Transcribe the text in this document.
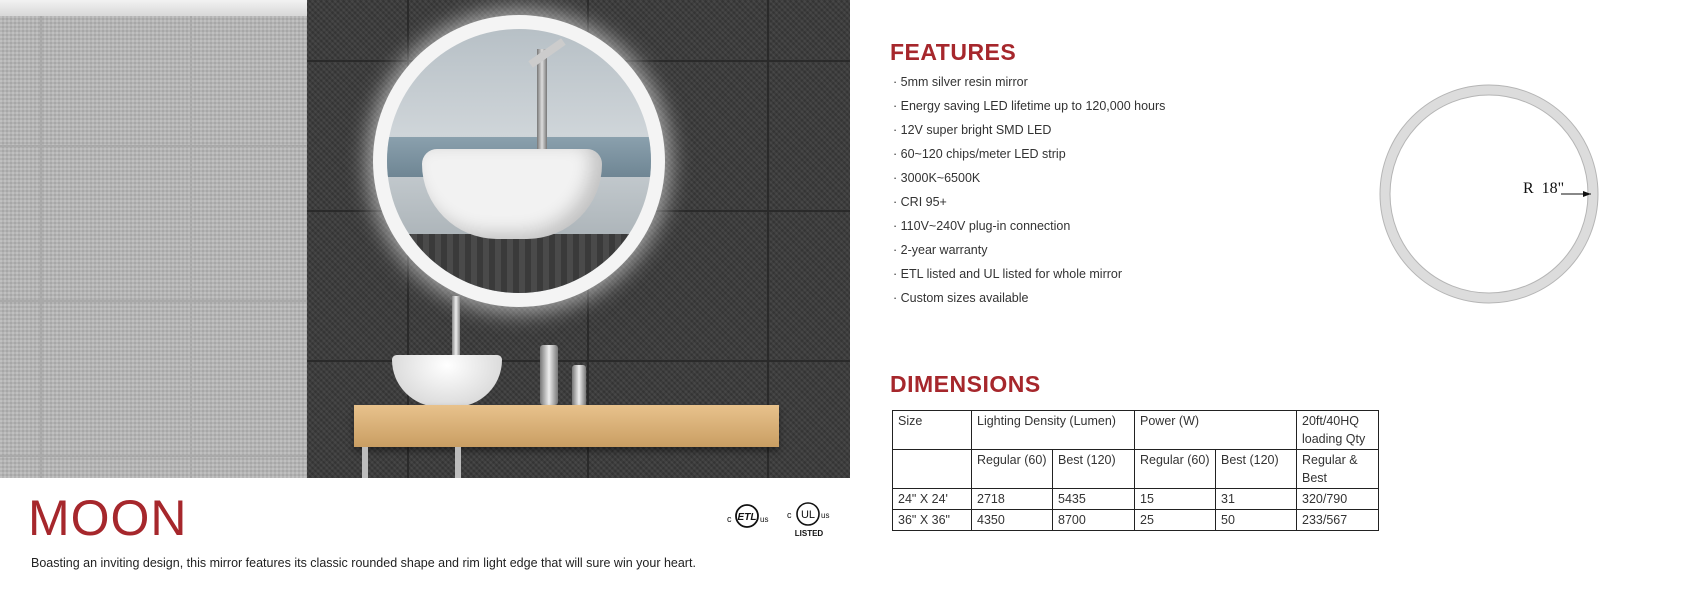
MOON
Boasting an inviting design, this mirror features its classic rounded shape and rim light edge that will sure win your heart.
c ETL us c UL us
LISTED
FEATURES
· 5mm silver resin mirror
· Energy saving LED lifetime up to 120,000 hours
· 12V super bright SMD LED
· 60~120 chips/meter LED strip
· 3000K~6500K
· CRI 95+
· 110V~240V plug-in connection
· 2-year warranty
· ETL listed and UL listed for whole mirror
· Custom sizes available
R  18"
DIMENSIONS
Size	Lighting Density (Lumen)		Power (W)		20ft/40HQ loading Qty
	Regular (60)	Best (120)	Regular (60)	Best (120)	Regular & Best
24" X 24'	2718	5435	15	31	320/790
36" X 36"	4350	8700	25	50	233/567
